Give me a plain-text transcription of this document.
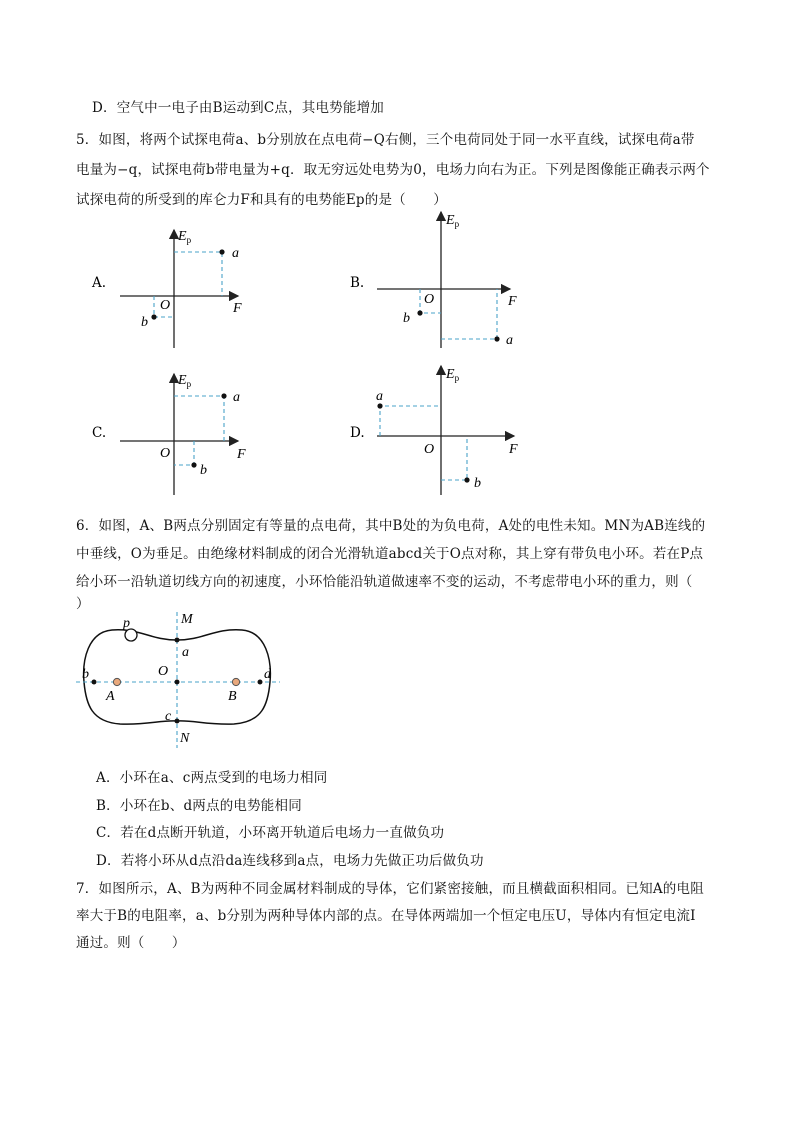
D．空气中一电子由B运动到C点，其电势能增加
5．如图，将两个试探电荷a、b分别放在点电荷−Q右侧，三个电荷同处于同一水平直线，试探电荷a带
电量为−q，试探电荷b带电量为+q．取无穷远处电势为0，电场力向右为正。下列是图像能正确表示两个
试探电荷的所受到的库仑力F和具有的电势能Ep的是（　　）
A.
$E_p$
a
b
O	F
B.
$E_p$
a
b
O	F
C.
$E_p$
a
b
O	F
D.
$E_p$
a
b
O	F
6．如图，A、B两点分别固定有等量的点电荷，其中B处的为负电荷，A处的电性未知。MN为AB连线的
中垂线，O为垂足。由绝缘材料制成的闭合光滑轨道abcd关于O点对称，其上穿有带负电小环。若在P点
给小环一沿轨道切线方向的初速度，小环恰能沿轨道做速率不变的运动，不考虑带电小环的重力，则（
）
p	M
a
O
b	d
A	B
c
N
A．小环在a、c两点受到的电场力相同
B．小环在b、d两点的电势能相同
C．若在d点断开轨道，小环离开轨道后电场力一直做负功
D．若将小环从d点沿da连线移到a点，电场力先做正功后做负功
7．如图所示，A、B为两种不同金属材料制成的导体，它们紧密接触，而且横截面积相同。已知A的电阻
率大于B的电阻率，a、b分别为两种导体内部的点。在导体两端加一个恒定电压U，导体内有恒定电流I
通过。则（　　）
